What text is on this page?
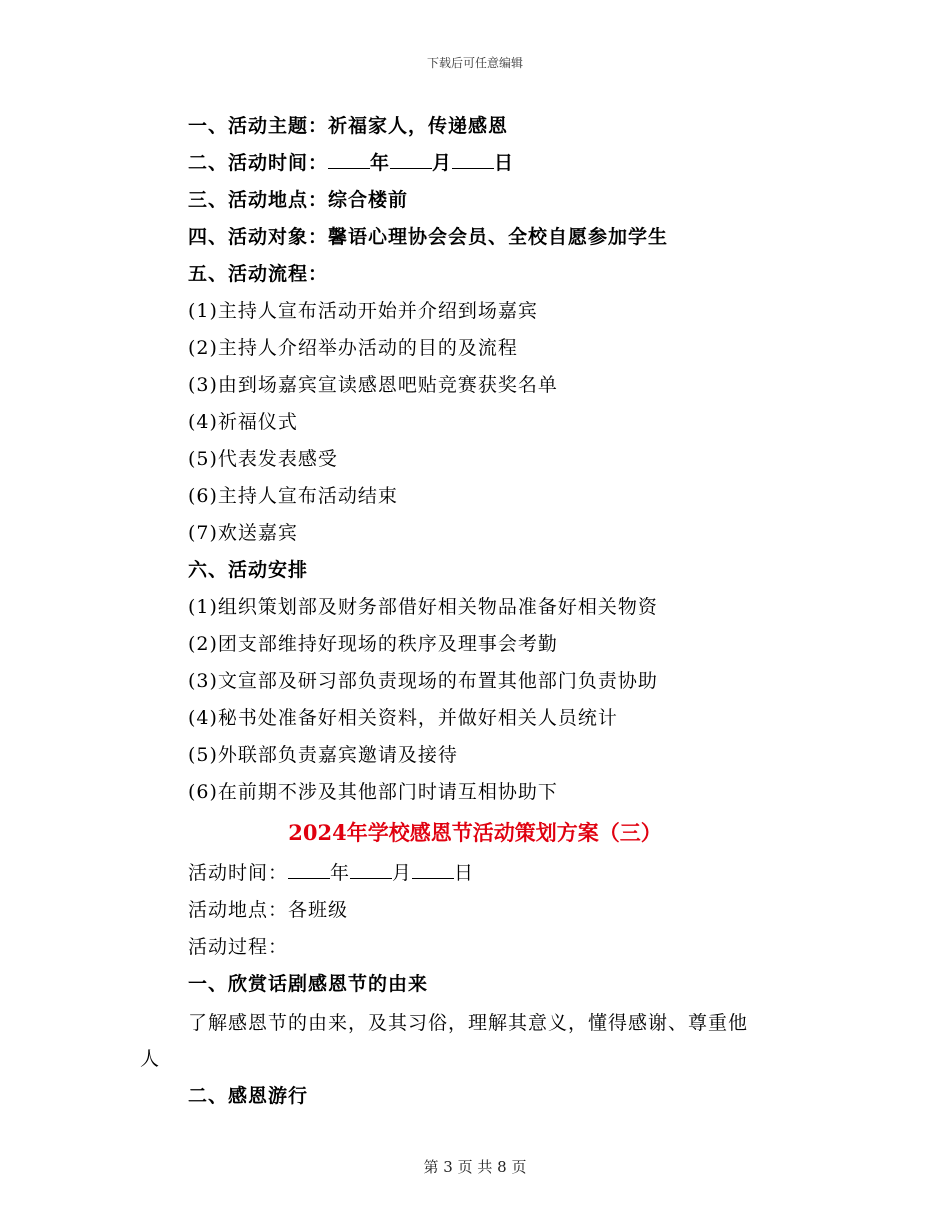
下载后可任意编辑
一、活动主题：祈福家人，传递感恩
二、活动时间： 年 月 日
三、活动地点：综合楼前
四、活动对象：馨语心理协会会员、全校自愿参加学生
五、活动流程：
(1)主持人宣布活动开始并介绍到场嘉宾
(2)主持人介绍举办活动的目的及流程
(3)由到场嘉宾宣读感恩吧贴竞赛获奖名单
(4)祈福仪式
(5)代表发表感受
(6)主持人宣布活动结束
(7)欢送嘉宾
六、活动安排
(1)组织策划部及财务部借好相关物品准备好相关物资
(2)团支部维持好现场的秩序及理事会考勤
(3)文宣部及研习部负责现场的布置其他部门负责协助
(4)秘书处准备好相关资料，并做好相关人员统计
(5)外联部负责嘉宾邀请及接待
(6)在前期不涉及其他部门时请互相协助下
2024年学校感恩节活动策划方案（三）
活动时间： 年 月 日
活动地点：各班级
活动过程：
一、欣赏话剧感恩节的由来
了解感恩节的由来，及其习俗，理解其意义，懂得感谢、尊重他
人
二、感恩游行
第 3 页 共 8 页
